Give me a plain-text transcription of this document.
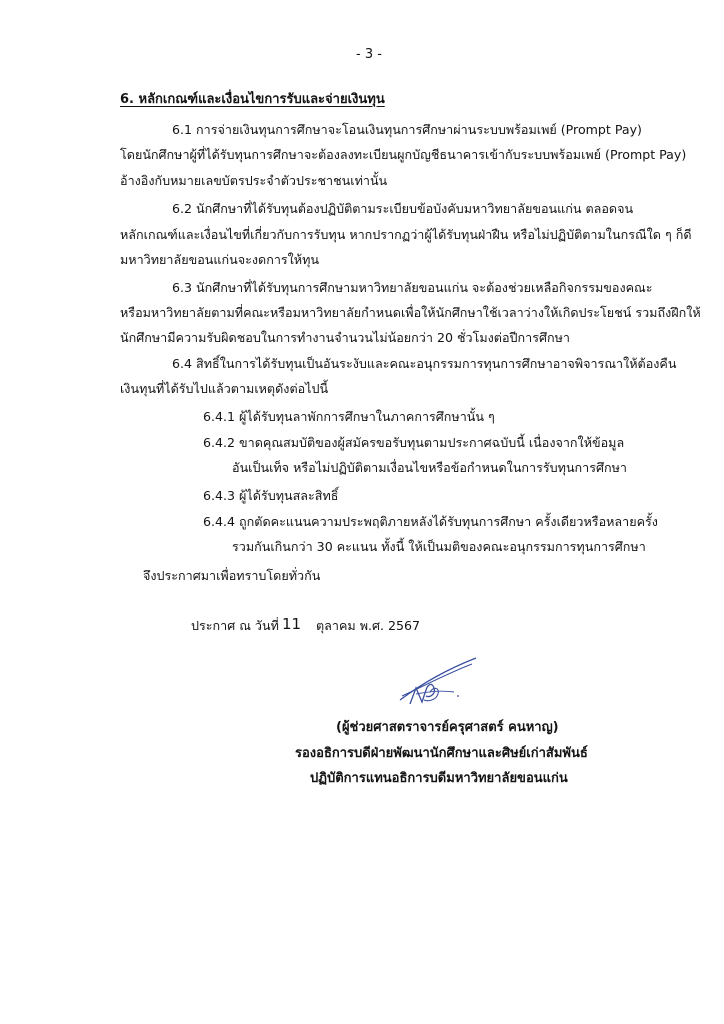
- 3 -
6. หลักเกณฑ์และเงื่อนไขการรับและจ่ายเงินทุน
6.1 การจ่ายเงินทุนการศึกษาจะโอนเงินทุนการศึกษาผ่านระบบพร้อมเพย์ (Prompt Pay)
โดยนักศึกษาผู้ที่ได้รับทุนการศึกษาจะต้องลงทะเบียนผูกบัญชีธนาคารเข้ากับระบบพร้อมเพย์ (Prompt Pay)
อ้างอิงกับหมายเลขบัตรประจำตัวประชาชนเท่านั้น
6.2 นักศึกษาที่ได้รับทุนต้องปฏิบัติตามระเบียบข้อบังคับมหาวิทยาลัยขอนแก่น ตลอดจน
หลักเกณฑ์และเงื่อนไขที่เกี่ยวกับการรับทุน หากปรากฏว่าผู้ได้รับทุนฝ่าฝืน หรือไม่ปฏิบัติตามในกรณีใด ๆ ก็ดี
มหาวิทยาลัยขอนแก่นจะงดการให้ทุน
6.3 นักศึกษาที่ได้รับทุนการศึกษามหาวิทยาลัยขอนแก่น จะต้องช่วยเหลือกิจกรรมของคณะ
หรือมหาวิทยาลัยตามที่คณะหรือมหาวิทยาลัยกำหนดเพื่อให้นักศึกษาใช้เวลาว่างให้เกิดประโยชน์ รวมถึงฝึกให้
นักศึกษามีความรับผิดชอบในการทำงานจำนวนไม่น้อยกว่า 20 ชั่วโมงต่อปีการศึกษา
6.4 สิทธิ์ในการได้รับทุนเป็นอันระงับและคณะอนุกรรมการทุนการศึกษาอาจพิจารณาให้ต้องคืน
เงินทุนที่ได้รับไปแล้วตามเหตุดังต่อไปนี้
6.4.1 ผู้ได้รับทุนลาพักการศึกษาในภาคการศึกษานั้น ๆ
6.4.2 ขาดคุณสมบัติของผู้สมัครขอรับทุนตามประกาศฉบับนี้ เนื่องจากให้ข้อมูล
อันเป็นเท็จ หรือไม่ปฏิบัติตามเงื่อนไขหรือข้อกำหนดในการรับทุนการศึกษา
6.4.3 ผู้ได้รับทุนสละสิทธิ์
6.4.4 ถูกตัดคะแนนความประพฤติภายหลังได้รับทุนการศึกษา ครั้งเดียวหรือหลายครั้ง
รวมกันเกินกว่า 30 คะแนน ทั้งนี้ ให้เป็นมติของคณะอนุกรรมการทุนการศึกษา
จึงประกาศมาเพื่อทราบโดยทั่วกัน
ประกาศ ณ วันที่ 11 ตุลาคม พ.ศ. 2567
(ผู้ช่วยศาสตราจารย์ครุศาสตร์ คนหาญ)
รองอธิการบดีฝ่ายพัฒนานักศึกษาและศิษย์เก่าสัมพันธ์
ปฏิบัติการแทนอธิการบดีมหาวิทยาลัยขอนแก่น
